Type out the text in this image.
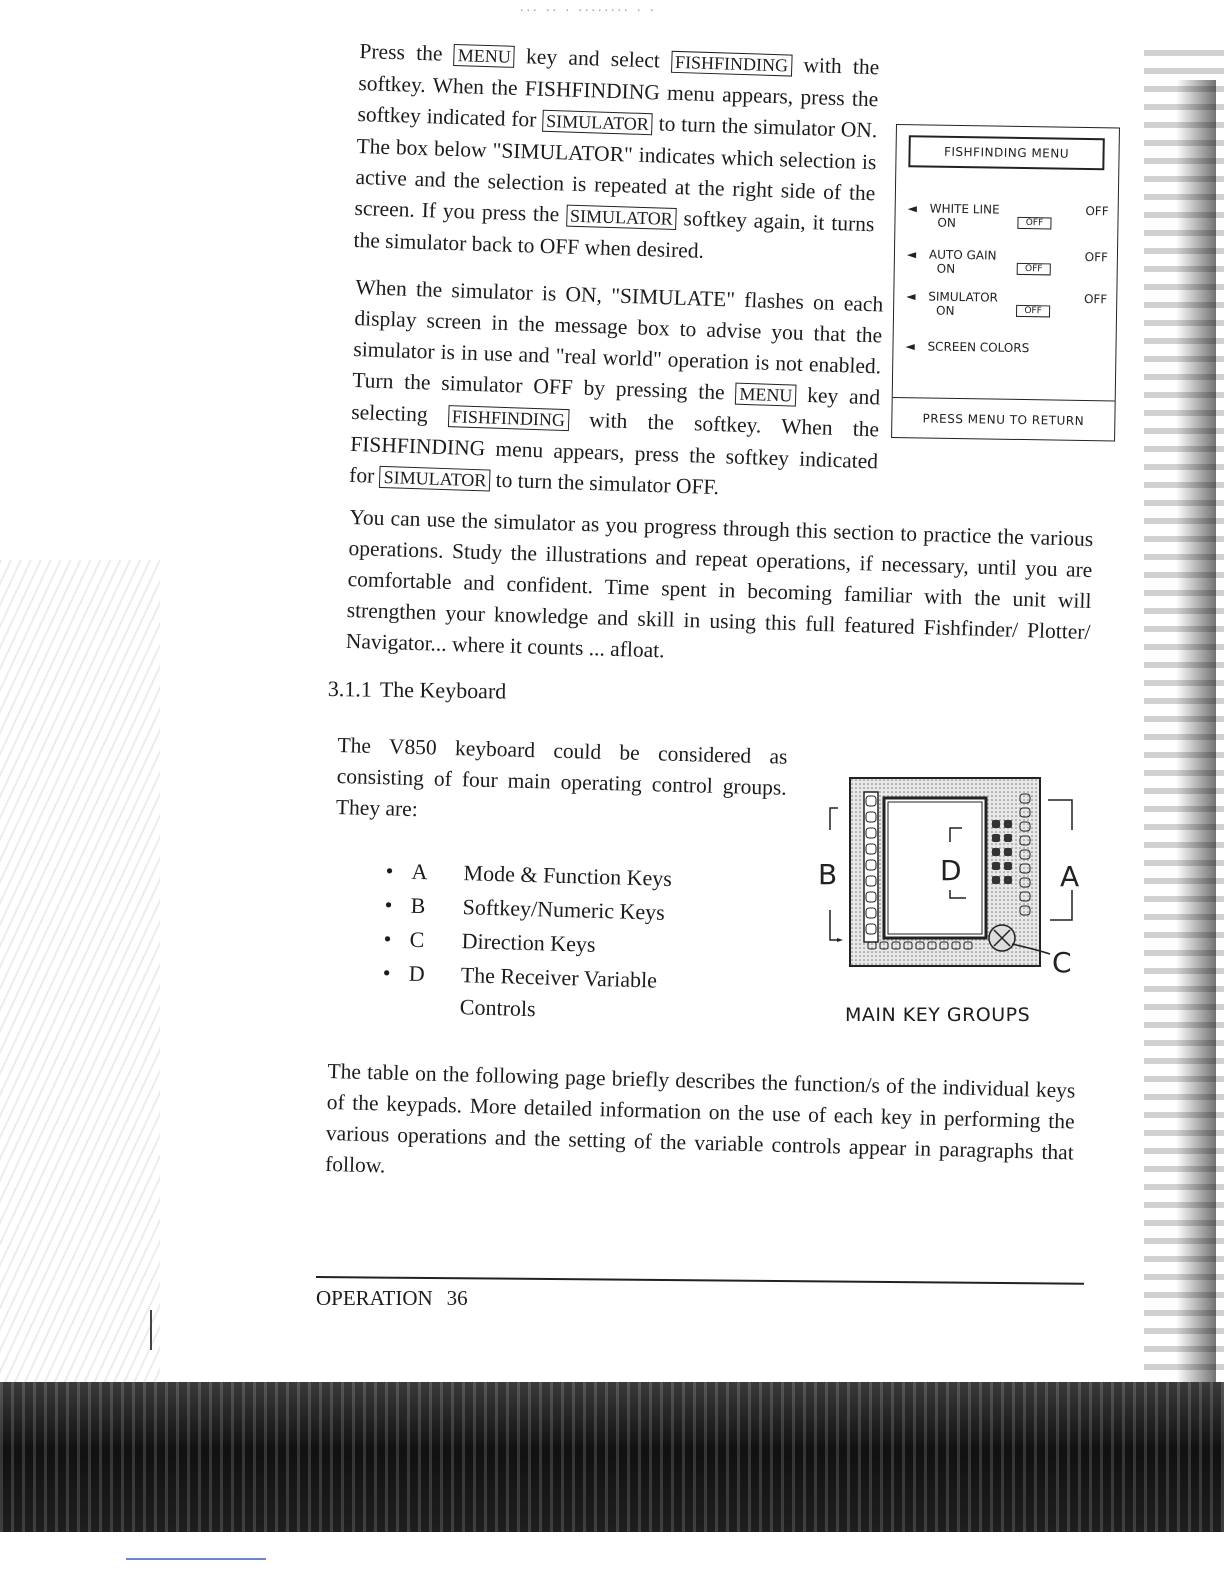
... .. . ........ . .

Press the MENU key and select FISHFINDING with the softkey. When the FISHFINDING menu appears, press the softkey indicated for SIMULATOR to turn the simulator ON. The box below "SIMULATOR" indicates which selection is active and the selection is repeated at the right side of the screen. If you press the SIMULATOR softkey again, it turns the simulator back to OFF when desired.

When the simulator is ON, "SIMULATE" flashes on each display screen in the message box to advise you that the simulator is in use and "real world" operation is not enabled. Turn the simulator OFF by pressing the MENU key and selecting FISHFINDING with the softkey. When the FISHFINDING menu appears, press the softkey indicated for SIMULATOR to turn the simulator OFF.

FISHFINDING MENU
◄ WHITE LINE	OFF
ON	OFF
◄ AUTO GAIN	OFF
ON	OFF
◄ SIMULATOR	OFF
ON	OFF
◄ SCREEN COLORS
PRESS MENU TO RETURN

You can use the simulator as you progress through this section to practice the various operations. Study the illustrations and repeat operations, if necessary, until you are comfortable and confident. Time spent in becoming familiar with the unit will strengthen your knowledge and skill in using this full featured Fishfinder/ Plotter/ Navigator... where it counts ... afloat.

3.1.1 The Keyboard

The V850 keyboard could be considered as consisting of four main operating control groups. They are:

• A Mode & Function Keys
• B Softkey/Numeric Keys
• C Direction Keys
• D The Receiver Variable
Controls
B	A
D
C
MAIN KEY GROUPS

The table on the following page briefly describes the function/s of the individual keys of the keypads. More detailed information on the use of each key in performing the various operations and the setting of the variable controls appear in paragraphs that follow.

OPERATION 36
